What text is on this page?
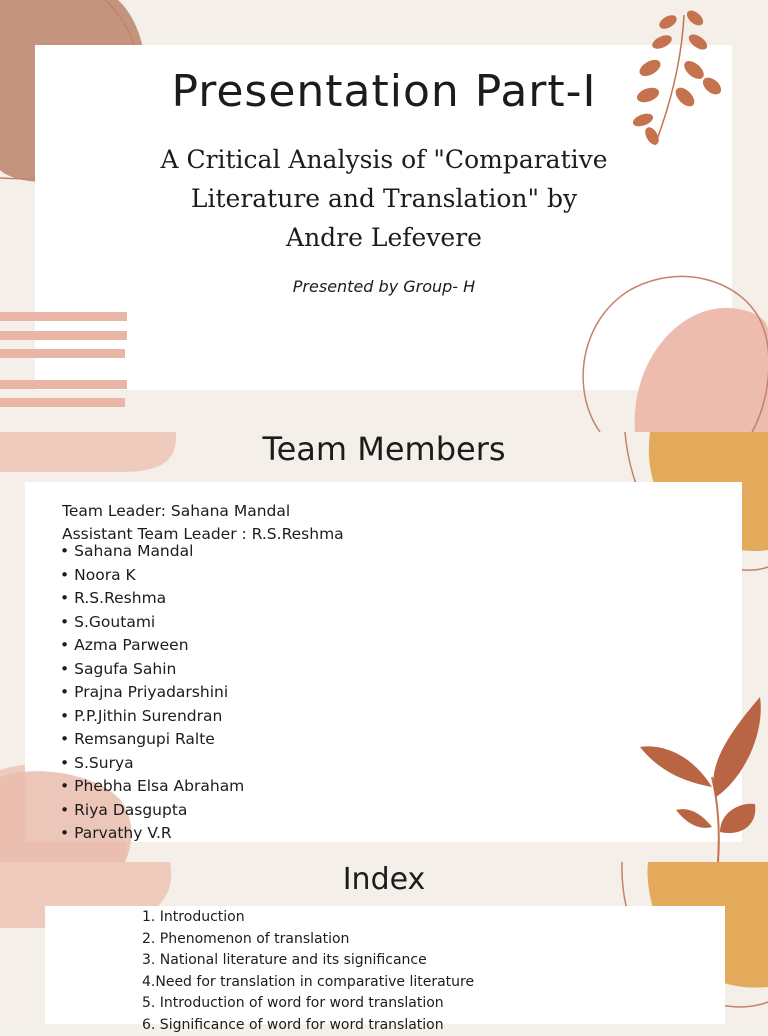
Presentation Part-I
A Critical Analysis of "Comparative Literature and Translation" by Andre Lefevere
Presented by Group- H
Team Members
Team Leader: Sahana Mandal
Assistant Team Leader : R.S.Reshma
• Sahana Mandal
• Noora K
• R.S.Reshma
• S.Goutami
• Azma Parween
• Sagufa Sahin
• Prajna Priyadarshini
• P.P.Jithin Surendran
• Remsangupi Ralte
• S.Surya
• Phebha Elsa Abraham
• Riya Dasgupta
• Parvathy V.R
Index
1. Introduction
2. Phenomenon of translation
3. National literature and its significance
4.Need for translation in comparative literature
5. Introduction of word for word translation
6. Significance of word for word translation
